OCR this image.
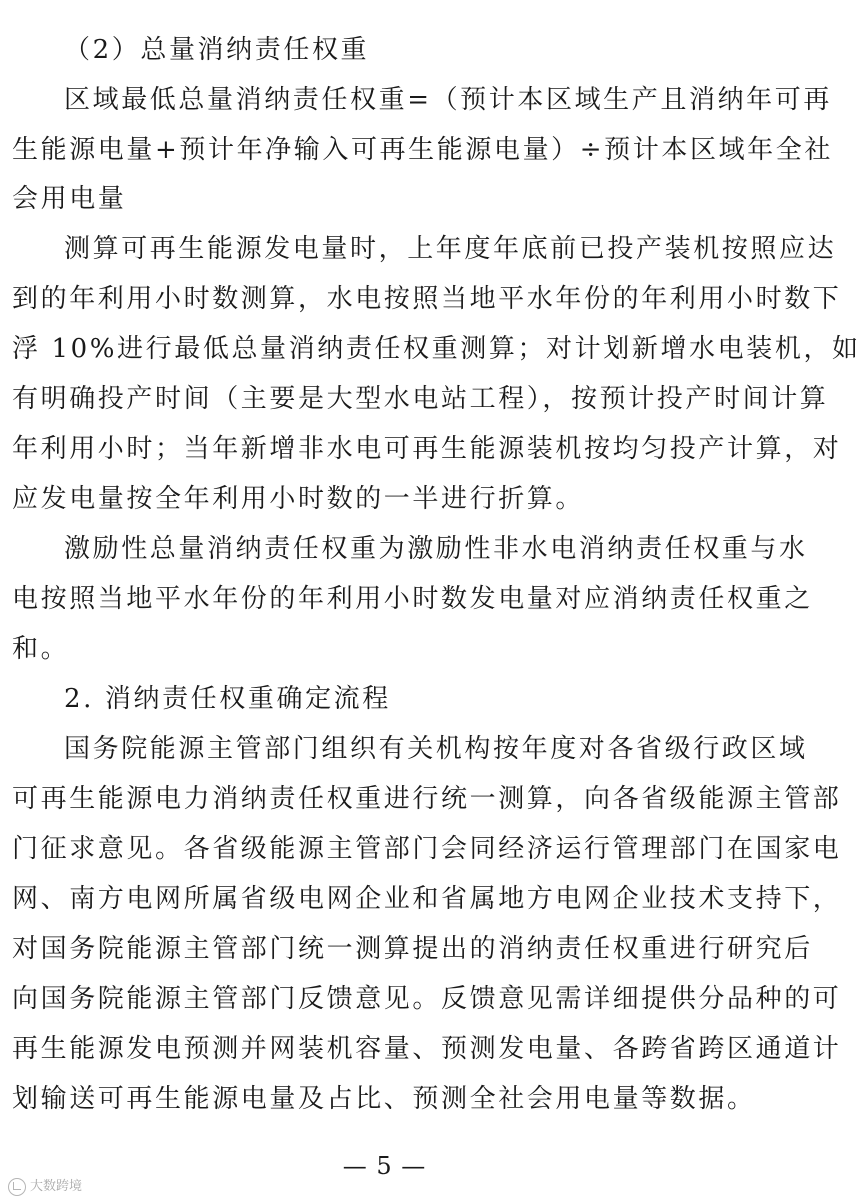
（2）总量消纳责任权重
区域最低总量消纳责任权重=（预计本区域生产且消纳年可再
生能源电量+预计年净输入可再生能源电量）÷预计本区域年全社
会用电量
测算可再生能源发电量时，上年度年底前已投产装机按照应达
到的年利用小时数测算，水电按照当地平水年份的年利用小时数下
浮 10%进行最低总量消纳责任权重测算；对计划新增水电装机，如
有明确投产时间（主要是大型水电站工程），按预计投产时间计算
年利用小时；当年新增非水电可再生能源装机按均匀投产计算，对
应发电量按全年利用小时数的一半进行折算。
激励性总量消纳责任权重为激励性非水电消纳责任权重与水
电按照当地平水年份的年利用小时数发电量对应消纳责任权重之
和。
2. 消纳责任权重确定流程
国务院能源主管部门组织有关机构按年度对各省级行政区域
可再生能源电力消纳责任权重进行统一测算，向各省级能源主管部
门征求意见。各省级能源主管部门会同经济运行管理部门在国家电
网、南方电网所属省级电网企业和省属地方电网企业技术支持下，
对国务院能源主管部门统一测算提出的消纳责任权重进行研究后
向国务院能源主管部门反馈意见。反馈意见需详细提供分品种的可
再生能源发电预测并网装机容量、预测发电量、各跨省跨区通道计
划输送可再生能源电量及占比、预测全社会用电量等数据。
— 5 —
大数跨境
